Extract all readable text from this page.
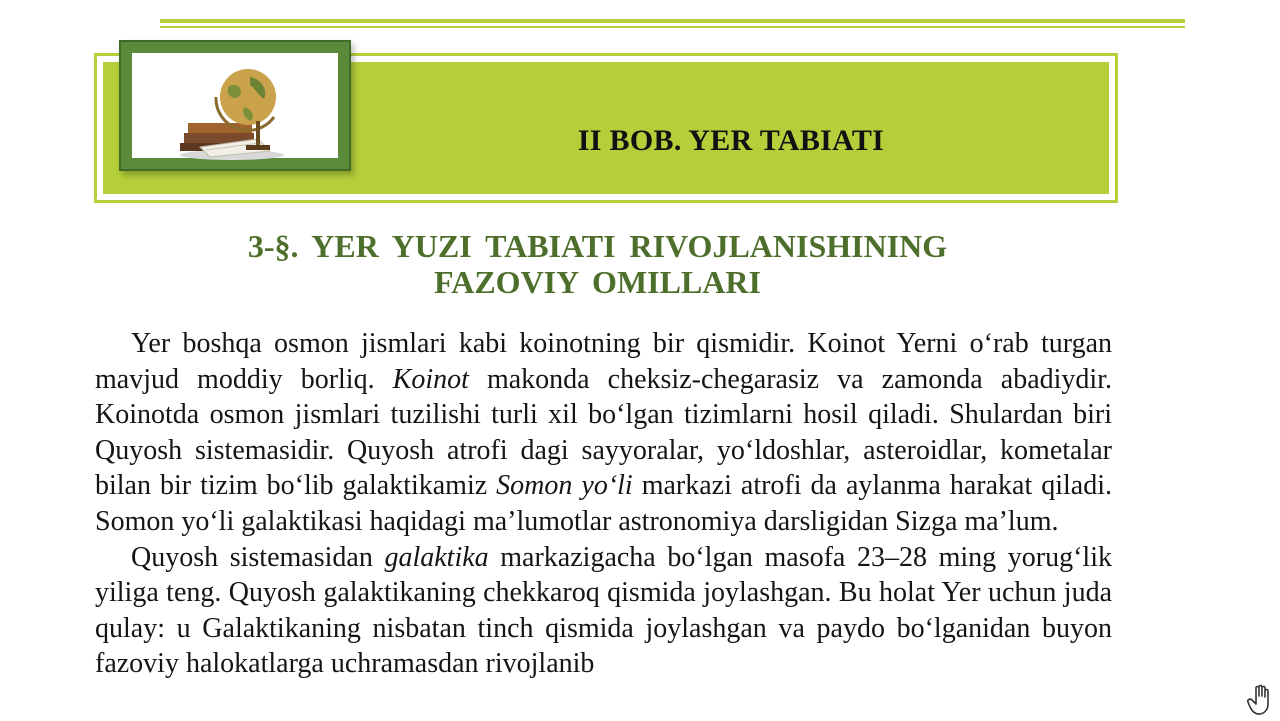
II BOB. YER TABIATI
3-§. YER YUZI TABIATI RIVOJLANISHINING
FAZOVIY OMILLARI

Yer boshqa osmon jismlari kabi koinotning bir qismidir. Koinot Yerni o‘rab turgan mavjud moddiy borliq. Koinot makonda cheksiz-chegarasiz va zamonda abadiydir. Koinotda osmon jismlari tuzilishi turli xil bo‘lgan tizimlarni hosil qiladi. Shulardan biri Quyosh sistemasidir. Quyosh atrofi dagi sayyoralar, yo‘ldoshlar, asteroidlar, kometalar bilan bir tizim bo‘lib galaktikamiz Somon yo‘li markazi atrofi da aylanma harakat qiladi. Somon yo‘li galaktikasi haqidagi ma’lumotlar astronomiya darsligidan Sizga ma’lum.

Quyosh sistemasidan galaktika markazigacha bo‘lgan masofa 23–28 ming yorug‘lik yiliga teng. Quyosh galaktikaning chekkaroq qismida joylashgan. Bu holat Yer uchun juda qulay: u Galaktikaning nisbatan tinch qismida joylashgan va paydo bo‘lganidan buyon fazoviy halokatlarga uchramasdan rivojlanib
